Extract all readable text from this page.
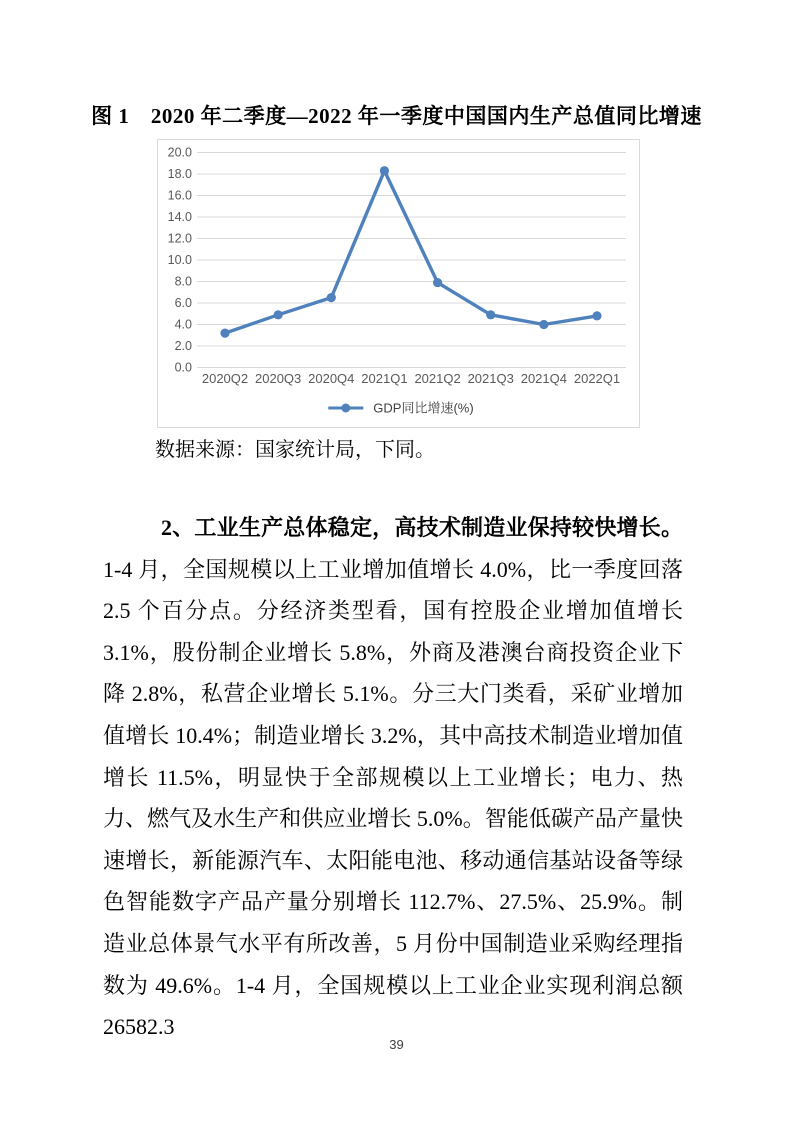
图 1　2020 年二季度—2022 年一季度中国国内生产总值同比增速
0.0
2.0
4.0
6.0
8.0
10.0
12.0
14.0
16.0
18.0
20.0
2020Q2 2020Q3 2020Q4 2021Q1 2021Q2 2021Q3 2021Q4 2022Q1
GDP同比增速(%)

数据来源：国家统计局，下同。

2、工业生产总体稳定，高技术制造业保持较快增长。1-4 月，全国规模以上工业增加值增长 4.0%，比一季度回落 2.5 个百分点。分经济类型看，国有控股企业增加值增长 3.1%，股份制企业增长 5.8%，外商及港澳台商投资企业下降 2.8%，私营企业增长 5.1%。分三大门类看，采矿业增加值增长 10.4%；制造业增长 3.2%，其中高技术制造业增加值增长 11.5%，明显快于全部规模以上工业增长；电力、热力、燃气及水生产和供应业增长 5.0%。智能低碳产品产量快速增长，新能源汽车、太阳能电池、移动通信基站设备等绿色智能数字产品产量分别增长 112.7%、27.5%、25.9%。制造业总体景气水平有所改善，5 月份中国制造业采购经理指数为 49.6%。1-4 月，全国规模以上工业企业实现利润总额 26582.3

39
